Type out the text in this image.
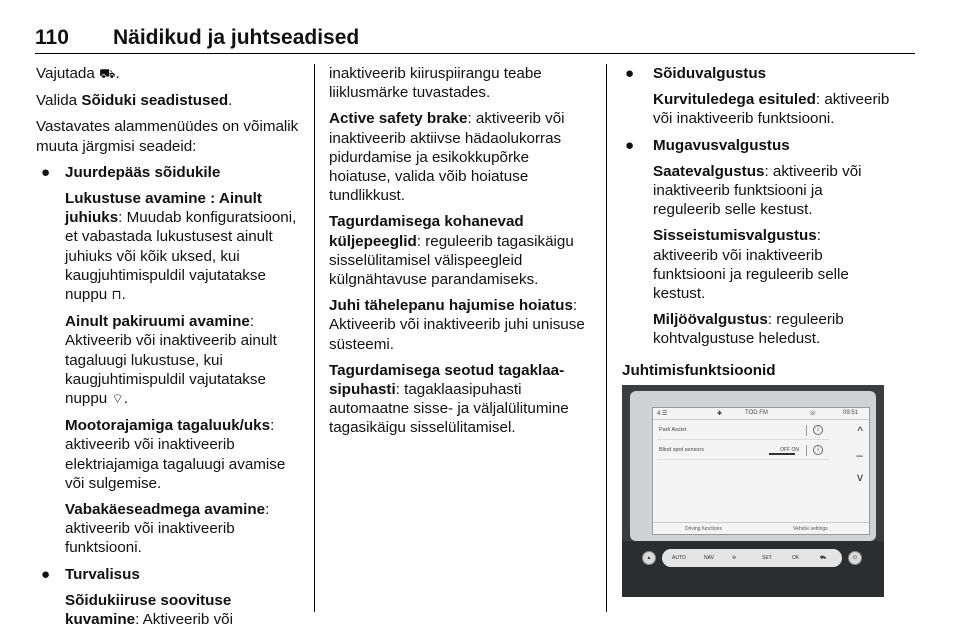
110 Näidikud ja juhtseadised

Vajutada ⛟.

Valida Sõiduki seadistused.

Vastavates alammenüüdes on võimalik muuta järgmisi seadeid:

● Juurdepääs sõidukile
Lukustuse avamine : Ainult juhiuks: Muudab konfiguratsiooni, et vabastada lukustusest ainult juhiuks või kõik uksed, kui kaugjuhtimispuldil vajutatakse nuppu ⊓.
Ainult pakiruumi avamine: Aktiveerib või inaktiveerib ainult tagaluugi lukustuse, kui kaugjuhtimispuldil vajutatakse nuppu ⌔.
Mootorajamiga tagaluuk/uks: aktiveerib või inaktiveerib elektriajamiga tagaluugi avamise või sulgemise.
Vabakäeseadmega avamine: aktiveerib või inaktiveerib funktsiooni.
● Turvalisus
Sõidukiiruse soovituse kuvamine: Aktiveerib või

inaktiveerib kiiruspiirangu teabe liiklusmärke tuvastades.

Active safety brake: aktiveerib või inaktiveerib aktiivse hädaolukorras pidurdamise ja esikokkupõrke hoiatuse, valida võib hoiatuse tundlikkust.

Tagurdamisega kohanevad küljepeeglid: reguleerib tagasikäigu sisselülitamisel välispeegleid külgnähtavuse parandamiseks.

Juhi tähelepanu hajumise hoiatus: Aktiveerib või inaktiveerib juhi unisuse süsteemi.

Tagurdamisega seotud tagaklaa-sipuhasti: tagaklaasipuhasti automaatne sisse- ja väljalülitumine tagasikäigu sisselülitamisel.

● Sõiduvalgustus
Kurvituledega esituled: aktiveerib või inaktiveerib funktsiooni.
● Mugavusvalgustus
Saatevalgustus: aktiveerib või inaktiveerib funktsiooni ja reguleerib selle kestust.
Sisseistumisvalgustus: aktiveerib või inaktiveerib funktsiooni ja reguleerib selle kestust.
Miljöövalgustus: reguleerib kohtvalgustuse heledust.

Juhtimisfunktsioonid

4 ☰	✱	TOD FM	☏	09:51
Park Assist	i
Blind spot sensors	OFF ON	i
^
–
v
Driving functions	Vehicle settings
▲	AUTO	NAV	✣	SET	OK	⛟	⏻
